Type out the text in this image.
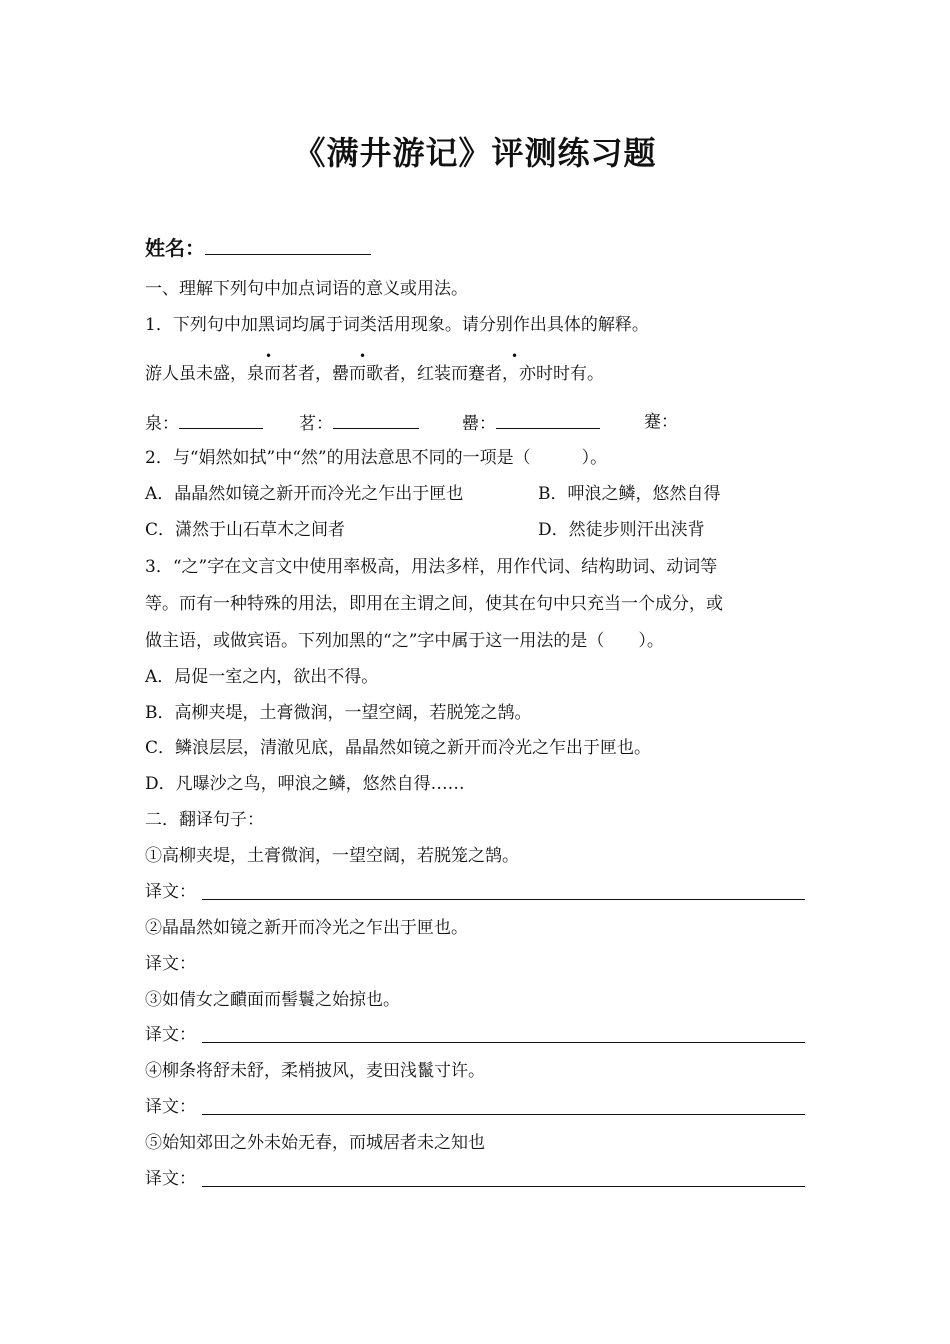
《满井游记》评测练习题
姓名：
一、理解下列句中加点词语的意义或用法。
1．下列句中加黑词均属于词类活用现象。请分别作出具体的解释。
•	•	•
游人虽未盛，泉而茗者，罍而歌者，红装而蹇者，亦时时有。
泉：	茗：	罍：	蹇：
2．与“娟然如拭”中“然”的用法意思不同的一项是（　　　）。
A．晶晶然如镜之新开而冷光之乍出于匣也	B．呷浪之鳞，悠然自得
C．潇然于山石草木之间者	D．然徒步则汗出浃背
3．“之”字在文言文中使用率极高，用法多样，用作代词、结构助词、动词等
等。而有一种特殊的用法，即用在主谓之间，使其在句中只充当一个成分，或
做主语，或做宾语。下列加黑的“之”字中属于这一用法的是（　　）。
A．局促一室之内，欲出不得。
B．高柳夹堤，土膏微润，一望空阔，若脱笼之鹄。
C．鳞浪层层，清澈见底，晶晶然如镜之新开而冷光之乍出于匣也。
D．凡曝沙之鸟，呷浪之鳞，悠然自得……
二．翻译句子：
①高柳夹堤，土膏微润，一望空阔，若脱笼之鹄。
译文：
②晶晶然如镜之新开而冷光之乍出于匣也。
译文：
③如倩女之靧面而髻鬟之始掠也。
译文：
④柳条将舒未舒，柔梢披风，麦田浅鬣寸许。
译文：
⑤始知郊田之外未始无春，而城居者未之知也
译文：
